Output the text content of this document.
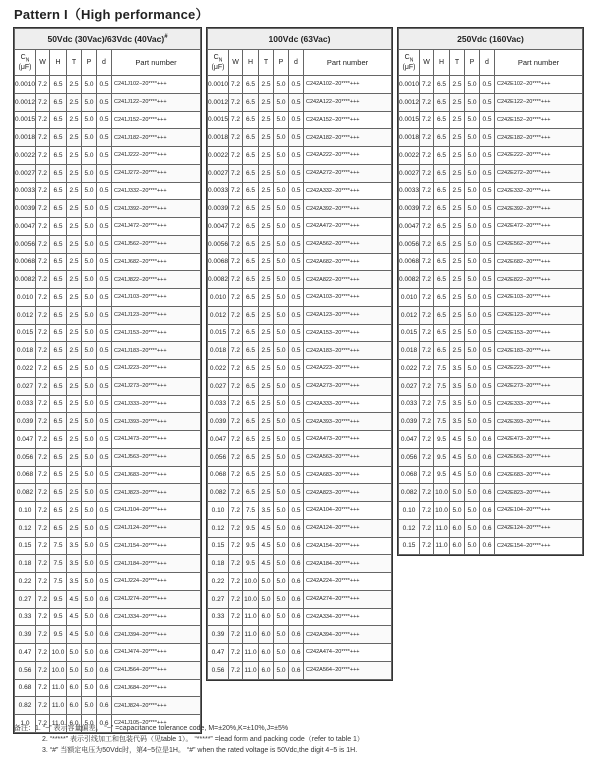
Pattern I（High performance）
50Vdc (30Vac)/63Vdc (40Vac)#
$C_N$
(μF)	W	H	T	P	d	Part number
0.0010	7.2	6.5	2.5	5.0	0.5	C241J102−20****+++
0.0012	7.2	6.5	2.5	5.0	0.5	C241J122−20****+++
0.0015	7.2	6.5	2.5	5.0	0.5	C241J152−20****+++
0.0018	7.2	6.5	2.5	5.0	0.5	C241J182−20****+++
0.0022	7.2	6.5	2.5	5.0	0.5	C241J222−20****+++
0.0027	7.2	6.5	2.5	5.0	0.5	C241J272−20****+++
0.0033	7.2	6.5	2.5	5.0	0.5	C241J332−20****+++
0.0039	7.2	6.5	2.5	5.0	0.5	C241J392−20****+++
0.0047	7.2	6.5	2.5	5.0	0.5	C241J472−20****+++
0.0056	7.2	6.5	2.5	5.0	0.5	C241J562−20****+++
0.0068	7.2	6.5	2.5	5.0	0.5	C241J682−20****+++
0.0082	7.2	6.5	2.5	5.0	0.5	C241J822−20****+++
0.010	7.2	6.5	2.5	5.0	0.5	C241J103−20****+++
0.012	7.2	6.5	2.5	5.0	0.5	C241J123−20****+++
0.015	7.2	6.5	2.5	5.0	0.5	C241J153−20****+++
0.018	7.2	6.5	2.5	5.0	0.5	C241J183−20****+++
0.022	7.2	6.5	2.5	5.0	0.5	C241J223−20****+++
0.027	7.2	6.5	2.5	5.0	0.5	C241J273−20****+++
0.033	7.2	6.5	2.5	5.0	0.5	C241J333−20****+++
0.039	7.2	6.5	2.5	5.0	0.5	C241J393−20****+++
0.047	7.2	6.5	2.5	5.0	0.5	C241J473−20****+++
0.056	7.2	6.5	2.5	5.0	0.5	C241J563−20****+++
0.068	7.2	6.5	2.5	5.0	0.5	C241J683−20****+++
0.082	7.2	6.5	2.5	5.0	0.5	C241J823−20****+++
0.10	7.2	6.5	2.5	5.0	0.5	C241J104−20****+++
0.12	7.2	6.5	2.5	5.0	0.5	C241J124−20****+++
0.15	7.2	7.5	3.5	5.0	0.5	C241J154−20****+++
0.18	7.2	7.5	3.5	5.0	0.5	C241J184−20****+++
0.22	7.2	7.5	3.5	5.0	0.5	C241J224−20****+++
0.27	7.2	9.5	4.5	5.0	0.6	C241J274−20****+++
0.33	7.2	9.5	4.5	5.0	0.6	C241J334−20****+++
0.39	7.2	9.5	4.5	5.0	0.6	C241J394−20****+++
0.47	7.2	10.0	5.0	5.0	0.6	C241J474−20****+++
0.56	7.2	10.0	5.0	5.0	0.6	C241J564−20****+++
0.68	7.2	11.0	6.0	5.0	0.6	C241J684−20****+++
0.82	7.2	11.0	6.0	5.0	0.6	C241J824−20****+++
1.0	7.2	11.0	6.0	5.0	0.6	C241J105−20****+++
100Vdc (63Vac)						
$C_N$
(μF)	W	H	T	P	d	Part number
0.0010	7.2	6.5	2.5	5.0	0.5	C242A102−20****+++
0.0012	7.2	6.5	2.5	5.0	0.5	C242A122−20****+++
0.0015	7.2	6.5	2.5	5.0	0.5	C242A152−20****+++
0.0018	7.2	6.5	2.5	5.0	0.5	C242A182−20****+++
0.0022	7.2	6.5	2.5	5.0	0.5	C242A222−20****+++
0.0027	7.2	6.5	2.5	5.0	0.5	C242A272−20****+++
0.0033	7.2	6.5	2.5	5.0	0.5	C242A332−20****+++
0.0039	7.2	6.5	2.5	5.0	0.5	C242A392−20****+++
0.0047	7.2	6.5	2.5	5.0	0.5	C242A472−20****+++
0.0056	7.2	6.5	2.5	5.0	0.5	C242A562−20****+++
0.0068	7.2	6.5	2.5	5.0	0.5	C242A682−20****+++
0.0082	7.2	6.5	2.5	5.0	0.5	C242A822−20****+++
0.010	7.2	6.5	2.5	5.0	0.5	C242A103−20****+++
0.012	7.2	6.5	2.5	5.0	0.5	C242A123−20****+++
0.015	7.2	6.5	2.5	5.0	0.5	C242A153−20****+++
0.018	7.2	6.5	2.5	5.0	0.5	C242A183−20****+++
0.022	7.2	6.5	2.5	5.0	0.5	C242A223−20****+++
0.027	7.2	6.5	2.5	5.0	0.5	C242A273−20****+++
0.033	7.2	6.5	2.5	5.0	0.5	C242A333−20****+++
0.039	7.2	6.5	2.5	5.0	0.5	C242A393−20****+++
0.047	7.2	6.5	2.5	5.0	0.5	C242A473−20****+++
0.056	7.2	6.5	2.5	5.0	0.5	C242A563−20****+++
0.068	7.2	6.5	2.5	5.0	0.5	C242A683−20****+++
0.082	7.2	6.5	2.5	5.0	0.5	C242A823−20****+++
0.10	7.2	7.5	3.5	5.0	0.5	C242A104−20****+++
0.12	7.2	9.5	4.5	5.0	0.6	C242A124−20****+++
0.15	7.2	9.5	4.5	5.0	0.6	C242A154−20****+++
0.18	7.2	9.5	4.5	5.0	0.6	C242A184−20****+++
0.22	7.2	10.0	5.0	5.0	0.6	C242A224−20****+++
0.27	7.2	10.0	5.0	5.0	0.6	C242A274−20****+++
0.33	7.2	11.0	6.0	5.0	0.6	C242A334−20****+++
0.39	7.2	11.0	6.0	5.0	0.6	C242A394−20****+++
0.47	7.2	11.0	6.0	5.0	0.6	C242A474−20****+++
0.56	7.2	11.0	6.0	5.0	0.6	C242A564−20****+++
250Vdc (160Vac)						
$C_N$
(μF)	W	H	T	P	d	Part number
0.0010	7.2	6.5	2.5	5.0	0.5	C242E102−20****+++
0.0012	7.2	6.5	2.5	5.0	0.5	C242E122−20****+++
0.0015	7.2	6.5	2.5	5.0	0.5	C242E152−20****+++
0.0018	7.2	6.5	2.5	5.0	0.5	C242E182−20****+++
0.0022	7.2	6.5	2.5	5.0	0.5	C242E222−20****+++
0.0027	7.2	6.5	2.5	5.0	0.5	C242E272−20****+++
0.0033	7.2	6.5	2.5	5.0	0.5	C242E332−20****+++
0.0039	7.2	6.5	2.5	5.0	0.5	C242E392−20****+++
0.0047	7.2	6.5	2.5	5.0	0.5	C242E472−20****+++
0.0056	7.2	6.5	2.5	5.0	0.5	C242E562−20****+++
0.0068	7.2	6.5	2.5	5.0	0.5	C242E682−20****+++
0.0082	7.2	6.5	2.5	5.0	0.5	C242E822−20****+++
0.010	7.2	6.5	2.5	5.0	0.5	C242E103−20****+++
0.012	7.2	6.5	2.5	5.0	0.5	C242E123−20****+++
0.015	7.2	6.5	2.5	5.0	0.5	C242E153−20****+++
0.018	7.2	6.5	2.5	5.0	0.5	C242E183−20****+++
0.022	7.2	7.5	3.5	5.0	0.5	C242E223−20****+++
0.027	7.2	7.5	3.5	5.0	0.5	C242E273−20****+++
0.033	7.2	7.5	3.5	5.0	0.5	C242E333−20****+++
0.039	7.2	7.5	3.5	5.0	0.5	C242E393−20****+++
0.047	7.2	9.5	4.5	5.0	0.6	C242E473−20****+++
0.056	7.2	9.5	4.5	5.0	0.6	C242E563−20****+++
0.068	7.2	9.5	4.5	5.0	0.6	C242E683−20****+++
0.082	7.2	10.0	5.0	5.0	0.6	C242E823−20****+++
0.10	7.2	10.0	5.0	5.0	0.6	C242E104−20****+++
0.12	7.2	11.0	6.0	5.0	0.6	C242E124−20****+++
0.15	7.2	11.0	6.0	5.0	0.6	C242E154−20****+++
备注：1. “−” 表示容量偏差。 “−” =capacitance tolerance code, M=±20%,K=±10%,J=±5%
2. “*****” 表示引线加工和包装代码（见table 1）。 “*****” =lead form and packing code（refer to table 1）
3. “#” 当额定电压为50Vdc时，第4−5位是1H。 “#” when the rated voltage is 50Vdc,the digit 4−5 is 1H.
